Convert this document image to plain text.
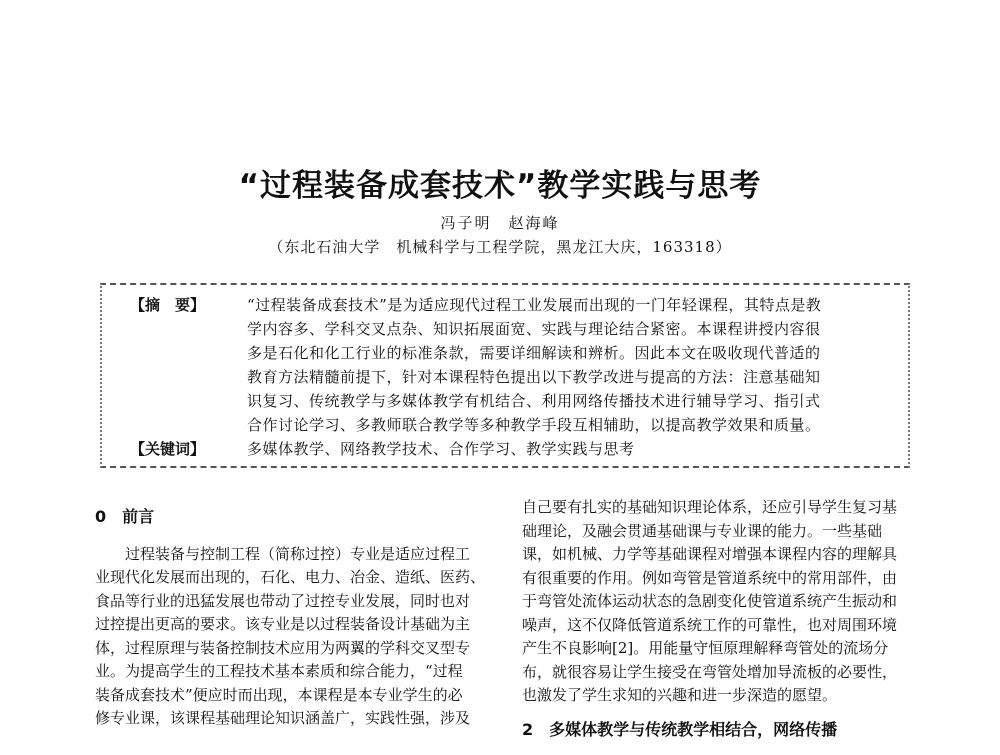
“过程装备成套技术”教学实践与思考
冯子明　赵海峰
（东北石油大学　机械科学与工程学院，黑龙江大庆，163318）
【摘　要】	“过程装备成套技术”是为适应现代过程工业发展而出现的一门年轻课程，其特点是教
学内容多、学科交叉点杂、知识拓展面宽、实践与理论结合紧密。本课程讲授内容很
多是石化和化工行业的标准条款，需要详细解读和辨析。因此本文在吸收现代普适的
教育方法精髓前提下，针对本课程特色提出以下教学改进与提高的方法：注意基础知
识复习、传统教学与多媒体教学有机结合、利用网络传播技术进行辅导学习、指引式
合作讨论学习、多教师联合教学等多种教学手段互相辅助，以提高教学效果和质量。
【关键词】	多媒体教学、网络教学技术、合作学习、教学实践与思考
0 前言
过程装备与控制工程（简称过控）专业是适应过程工
业现代化发展而出现的，石化、电力、冶金、造纸、医药、
食品等行业的迅猛发展也带动了过控专业发展，同时也对
过控提出更高的要求。该专业是以过程装备设计基础为主
体，过程原理与装备控制技术应用为两翼的学科交叉型专
业。为提高学生的工程技术基本素质和综合能力，“过程
装备成套技术”便应时而出现，本课程是本专业学生的必
修专业课，该课程基础理论知识涵盖广，实践性强，涉及
自己要有扎实的基础知识理论体系，还应引导学生复习基
础理论，及融会贯通基础课与专业课的能力。一些基础
课，如机械、力学等基础课程对增强本课程内容的理解具
有很重要的作用。例如弯管是管道系统中的常用部件，由
于弯管处流体运动状态的急剧变化使管道系统产生振动和
噪声，这不仅降低管道系统工作的可靠性，也对周围环境
产生不良影响[2]。用能量守恒原理解释弯管处的流场分
布，就很容易让学生接受在弯管处增加导流板的必要性，
也激发了学生求知的兴趣和进一步深造的愿望。
2　多媒体教学与传统教学相结合，网络传播
